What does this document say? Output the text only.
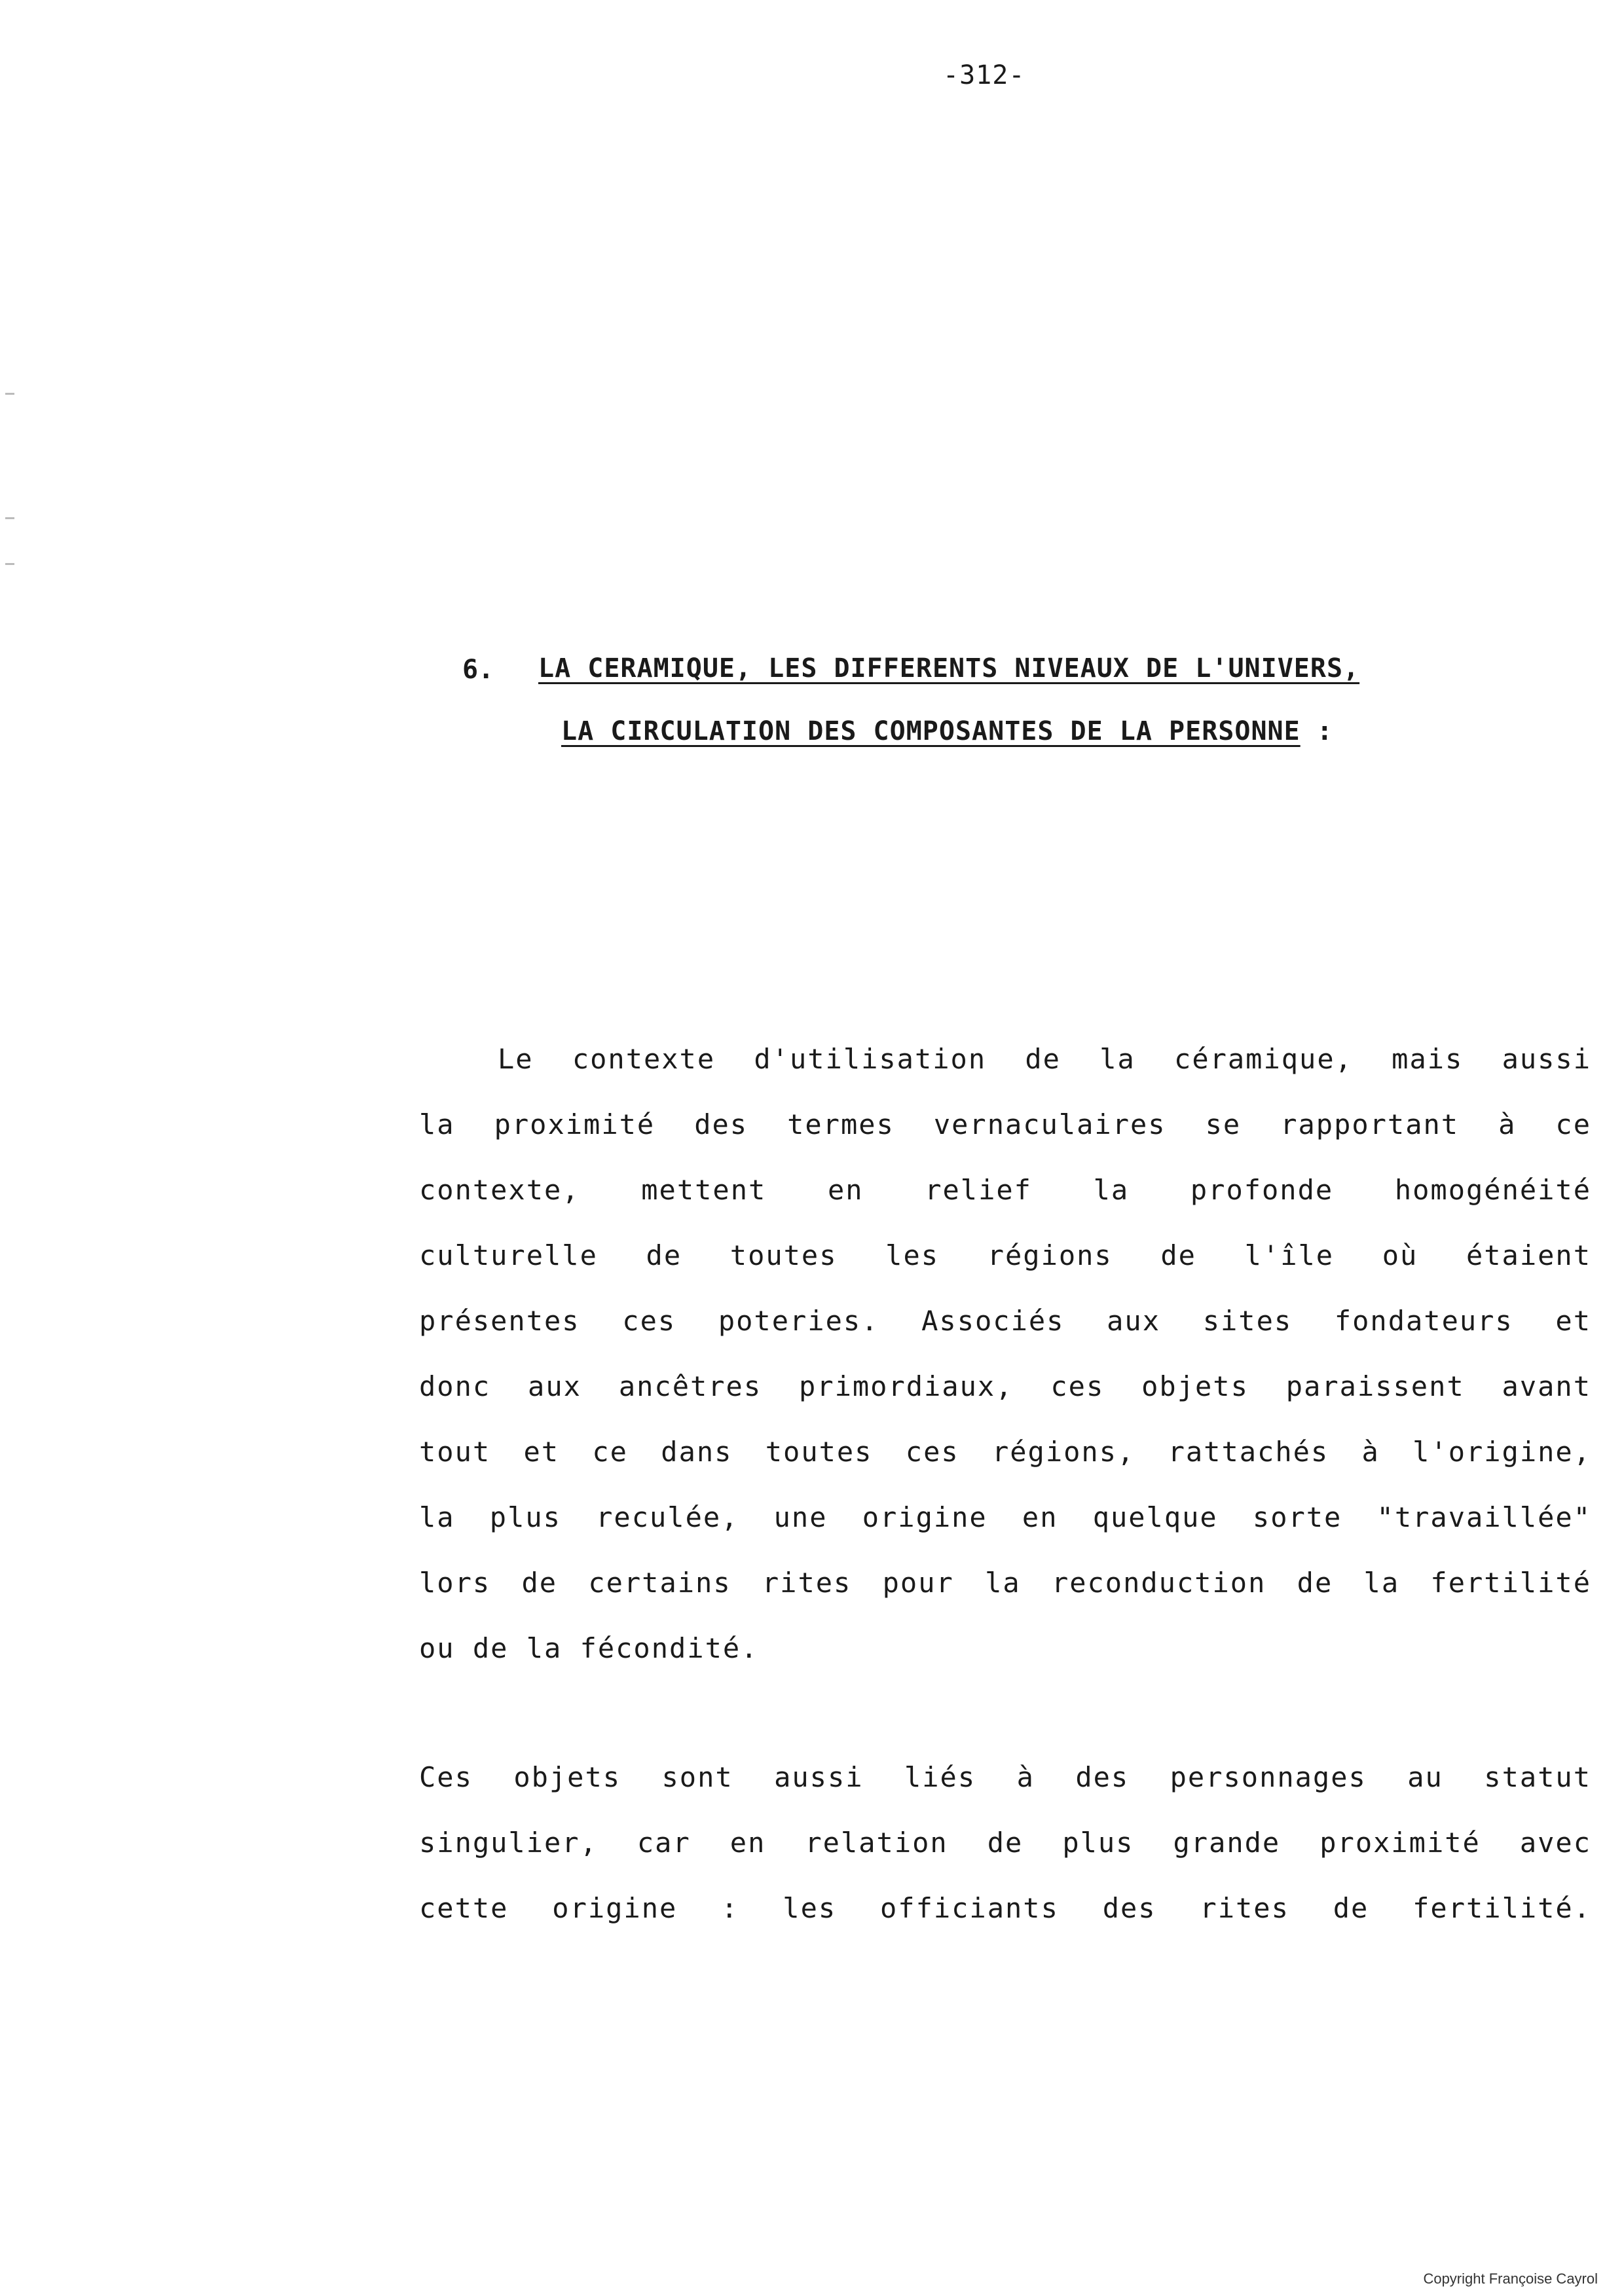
-312-
6. LA CERAMIQUE, LES DIFFERENTS NIVEAUX DE L'UNIVERS,
LA CIRCULATION DES COMPOSANTES DE LA PERSONNE :
Le contexte d'utilisation de la céramique, mais aussi
la proximité des termes vernaculaires se rapportant à ce
contexte, mettent en relief la profonde homogénéité
culturelle de toutes les régions de l'île où étaient
présentes ces poteries. Associés aux sites fondateurs et
donc aux ancêtres primordiaux, ces objets paraissent avant
tout et ce dans toutes ces régions, rattachés à l'origine,
la plus reculée, une origine en quelque sorte "travaillée"
lors de certains rites pour la reconduction de la fertilité
ou de la fécondité.
Ces objets sont aussi liés à des personnages au statut
singulier, car en relation de plus grande proximité avec
cette origine : les officiants des rites de fertilité.
Copyright Françoise Cayrol
